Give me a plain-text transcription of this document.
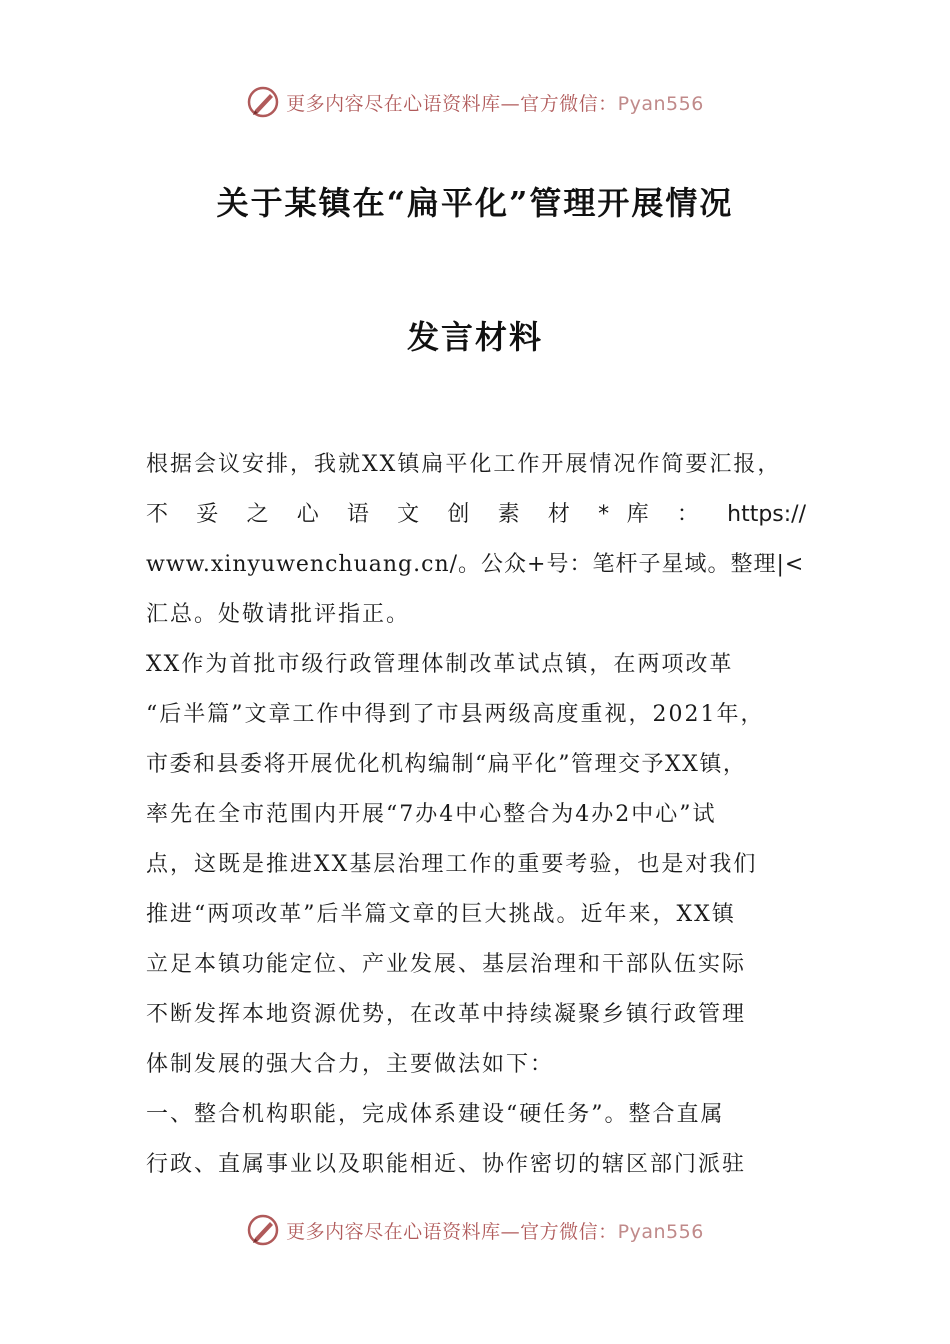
更多内容尽在心语资料库—官方微信：Pyan556
关于某镇在“扁平化”管理开展情况
发言材料
根据会议安排，我就XX镇扁平化工作开展情况作简要汇报，
不 妥 之 心 语 文 创 素 材 * 库 ： https://
www.xinyuwenchuang.cn/。公众+号：笔杆子星域。整理|<
汇总。处敬请批评指正。
XX作为首批市级行政管理体制改革试点镇，在两项改革
“后半篇”文章工作中得到了市县两级高度重视，2021年，
市委和县委将开展优化机构编制“扁平化”管理交予XX镇，
率先在全市范围内开展“7办4中心整合为4办2中心”试
点，这既是推进XX基层治理工作的重要考验，也是对我们
推进“两项改革”后半篇文章的巨大挑战。近年来，XX镇
立足本镇功能定位、产业发展、基层治理和干部队伍实际
不断发挥本地资源优势，在改革中持续凝聚乡镇行政管理
体制发展的强大合力，主要做法如下：
一、整合机构职能，完成体系建设“硬任务”。整合直属
行政、直属事业以及职能相近、协作密切的辖区部门派驻
更多内容尽在心语资料库—官方微信：Pyan556
